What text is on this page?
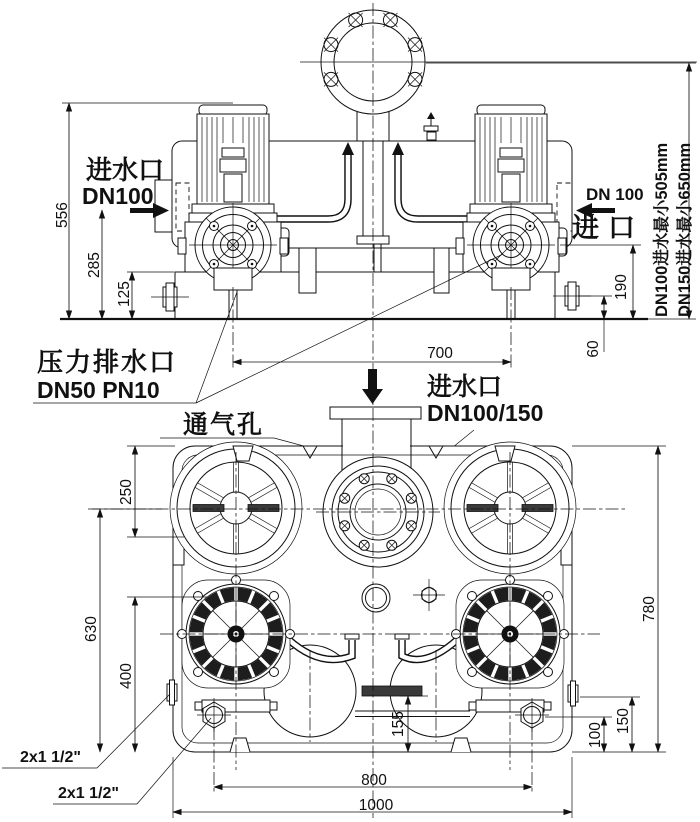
556
285
125	190
60
700
DN100进水最小505mm DN150进水最小650mm
进水口
DN100	DN 100
进口
压力排水口
DN50 PN10
通气孔
进水口
DN100/150
250
630
400
780
155	100
150
800
1000
2x1 1/2"
2x1 1/2"
